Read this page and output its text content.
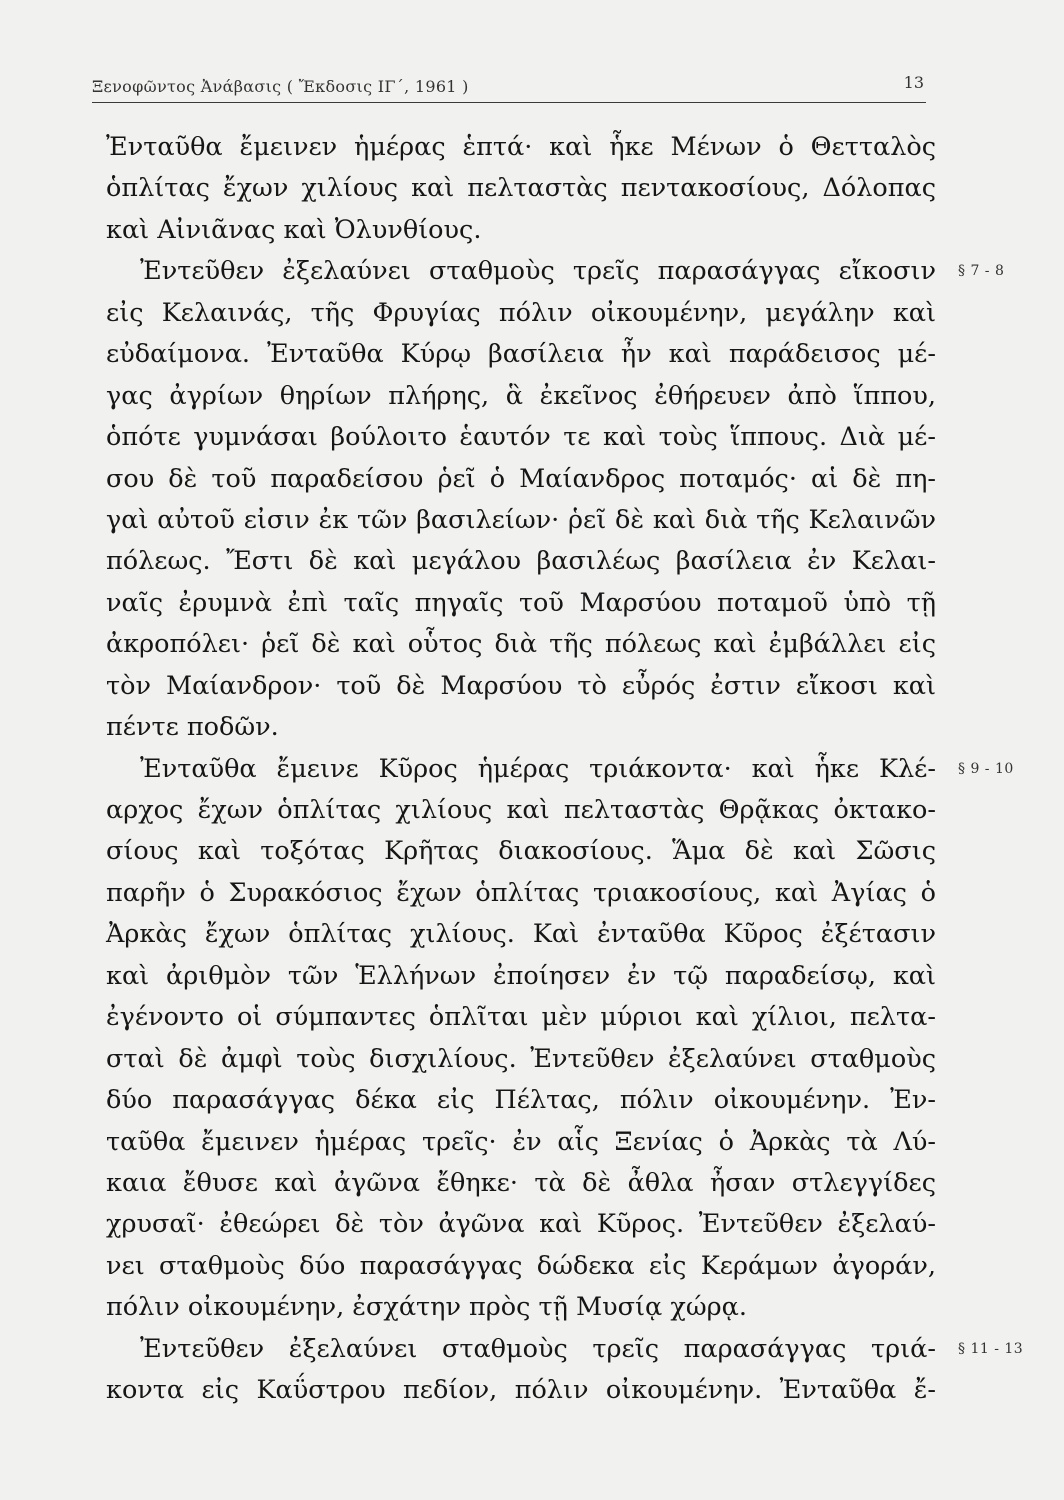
Ξενοφῶντος Ἀνάβασις ( Ἔκδοσις ΙΓ΄, 1961 )	13
Ἐνταῦθα ἔμεινεν ἡμέρας ἑπτά· καὶ ἧκε Μένων ὁ Θετταλὸς
ὁπλίτας ἔχων χιλίους καὶ πελταστὰς πεντακοσίους, Δόλοπας
καὶ Αἰνιᾶνας καὶ Ὀλυνθίους.
Ἐντεῦθεν ἐξελαύνει σταθμοὺς τρεῖς παρασάγγας εἴκοσιν § 7 - 8
εἰς Κελαινάς, τῆς Φρυγίας πόλιν οἰκουμένην, μεγάλην καὶ
εὐδαίμονα. Ἐνταῦθα Κύρῳ βασίλεια ἦν καὶ παράδεισος μέ-
γας ἀγρίων θηρίων πλήρης, ἃ ἐκεῖνος ἐθήρευεν ἀπὸ ἵππου,
ὁπότε γυμνάσαι βούλοιτο ἑαυτόν τε καὶ τοὺς ἵππους. Διὰ μέ-
σου δὲ τοῦ παραδείσου ῥεῖ ὁ Μαίανδρος ποταμός· αἱ δὲ πη-
γαὶ αὐτοῦ εἰσιν ἐκ τῶν βασιλείων· ῥεῖ δὲ καὶ διὰ τῆς Κελαινῶν
πόλεως. Ἔστι δὲ καὶ μεγάλου βασιλέως βασίλεια ἐν Κελαι-
ναῖς ἐρυμνὰ ἐπὶ ταῖς πηγαῖς τοῦ Μαρσύου ποταμοῦ ὑπὸ τῇ
ἀκροπόλει· ῥεῖ δὲ καὶ οὗτος διὰ τῆς πόλεως καὶ ἐμβάλλει εἰς
τὸν Μαίανδρον· τοῦ δὲ Μαρσύου τὸ εὖρός ἐστιν εἴκοσι καὶ
πέντε ποδῶν.
Ἐνταῦθα ἔμεινε Κῦρος ἡμέρας τριάκοντα· καὶ ἧκε Κλέ- § 9 - 10
αρχος ἔχων ὁπλίτας χιλίους καὶ πελταστὰς Θρᾷκας ὀκτακο-
σίους καὶ τοξότας Κρῆτας διακοσίους. Ἅμα δὲ καὶ Σῶσις
παρῆν ὁ Συρακόσιος ἔχων ὁπλίτας τριακοσίους, καὶ Ἀγίας ὁ
Ἀρκὰς ἔχων ὁπλίτας χιλίους. Καὶ ἐνταῦθα Κῦρος ἐξέτασιν
καὶ ἀριθμὸν τῶν Ἑλλήνων ἐποίησεν ἐν τῷ παραδείσῳ, καὶ
ἐγένοντο οἱ σύμπαντες ὁπλῖται μὲν μύριοι καὶ χίλιοι, πελτα-
σταὶ δὲ ἀμφὶ τοὺς δισχιλίους. Ἐντεῦθεν ἐξελαύνει σταθμοὺς
δύο παρασάγγας δέκα εἰς Πέλτας, πόλιν οἰκουμένην. Ἐν-
ταῦθα ἔμεινεν ἡμέρας τρεῖς· ἐν αἷς Ξενίας ὁ Ἀρκὰς τὰ Λύ-
καια ἔθυσε καὶ ἀγῶνα ἔθηκε· τὰ δὲ ἆθλα ἦσαν στλεγγίδες
χρυσαῖ· ἐθεώρει δὲ τὸν ἀγῶνα καὶ Κῦρος. Ἐντεῦθεν ἐξελαύ-
νει σταθμοὺς δύο παρασάγγας δώδεκα εἰς Κεράμων ἀγοράν,
πόλιν οἰκουμένην, ἐσχάτην πρὸς τῇ Μυσίᾳ χώρᾳ.
Ἐντεῦθεν ἐξελαύνει σταθμοὺς τρεῖς παρασάγγας τριά- § 11 - 13
κοντα εἰς Καΰστρου πεδίον, πόλιν οἰκουμένην. Ἐνταῦθα ἔ-
